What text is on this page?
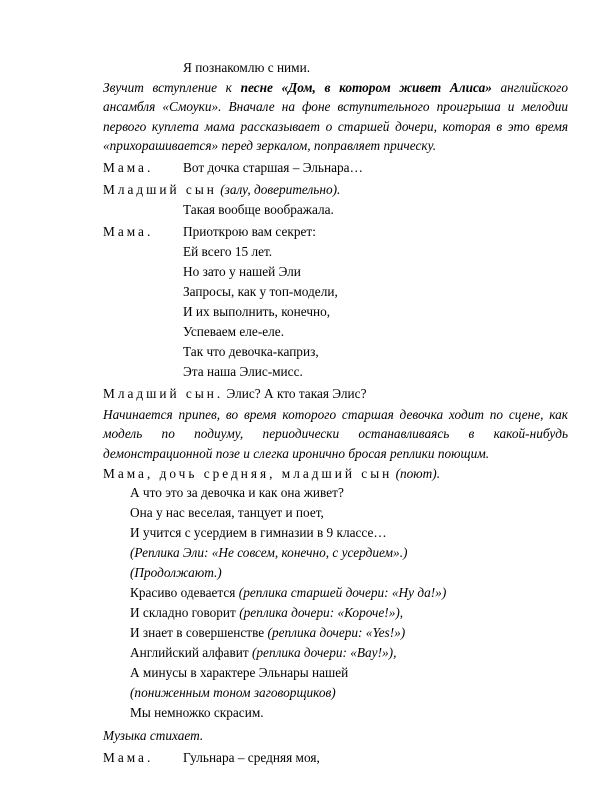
Я познакомлю с ними.
Звучит вступление к песне «Дом, в котором живет Алиса» английского ансамбля «Смоуки». Вначале на фоне вступительного проигрыша и мелодии первого куплета мама рассказывает о старшей дочери, которая в это время «прихорашивается» перед зеркалом, поправляет прическу.
Мама. Вот дочка старшая – Эльнара…
Младший сын (залу, доверительно).
Такая вообще воображала.
Мама. Приоткрою вам секрет:
Ей всего 15 лет.
Но зато у нашей Эли
Запросы, как у топ-модели,
И их выполнить, конечно,
Успеваем еле-еле.
Так что девочка-каприз,
Эта наша Элис-мисс.
Младший сын. Элис? А кто такая Элис?
Начинается припев, во время которого старшая девочка ходит по сцене, как модель по подиуму, периодически останавливаясь в какой-нибудь демонстрационной позе и слегка иронично бросая реплики поющим.
Мама, дочь средняя, младший сын (поют).
А что это за девочка и как она живет?
Она у нас веселая, танцует и поет,
И учится с усердием в гимназии в 9 классе…
(Реплика Эли: «Не совсем, конечно, с усердием».)
(Продолжают.)
Красиво одевается (реплика старшей дочери: «Ну да!»)
И складно говорит (реплика дочери: «Короче!»),
И знает в совершенстве (реплика дочери: «Yes!»)
Английский алфавит (реплика дочери: «Bay!»),
А минусы в характере Эльнары нашей
(пониженным тоном заговорщиков)
Мы немножко скрасим.
Музыка стихает.
Мама. Гульнара – средняя моя,
